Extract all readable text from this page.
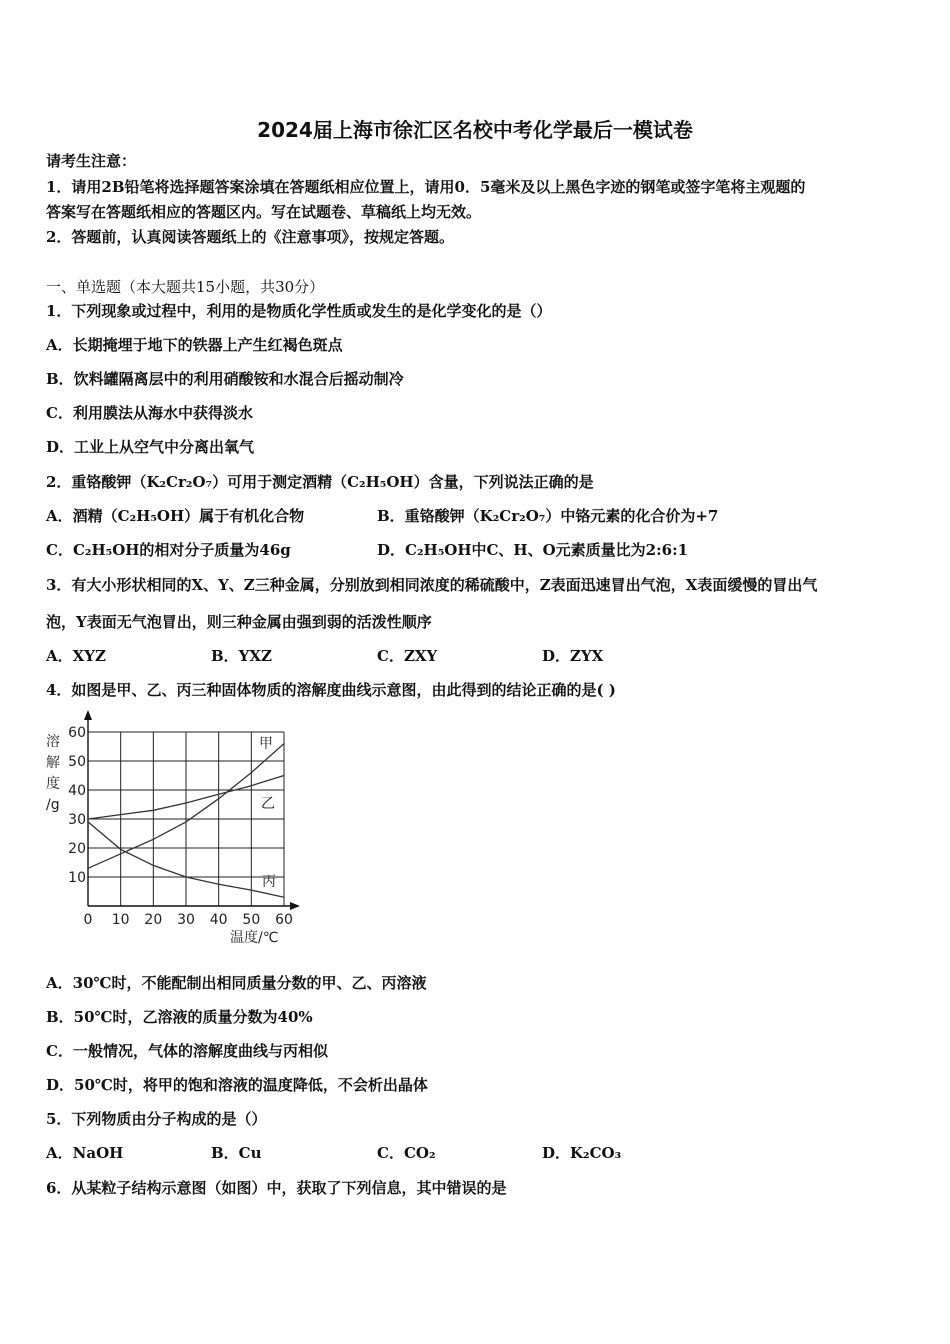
2024届上海市徐汇区名校中考化学最后一模试卷
请考生注意：
1．请用2B铅笔将选择题答案涂填在答题纸相应位置上，请用0．5毫米及以上黑色字迹的钢笔或签字笔将主观题的
答案写在答题纸相应的答题区内。写在试题卷、草稿纸上均无效。
2．答题前，认真阅读答题纸上的《注意事项》，按规定答题。
一、单选题（本大题共15小题，共30分）
1．下列现象或过程中，利用的是物质化学性质或发生的是化学变化的是（）
A．长期掩埋于地下的铁器上产生红褐色斑点
B．饮料罐隔离层中的利用硝酸铵和水混合后摇动制冷
C．利用膜法从海水中获得淡水
D．工业上从空气中分离出氧气
2．重铬酸钾（K₂Cr₂O₇）可用于测定酒精（C₂H₅OH）含量，下列说法正确的是
A．酒精（C₂H₅OH）属于有机化合物	B．重铬酸钾（K₂Cr₂O₇）中铬元素的化合价为+7
C．C₂H₅OH的相对分子质量为46g	D．C₂H₅OH中C、H、O元素质量比为2:6:1
3．有大小形状相同的X、Y、Z三种金属，分别放到相同浓度的稀硫酸中，Z表面迅速冒出气泡，X表面缓慢的冒出气
泡，Y表面无气泡冒出，则三种金属由强到弱的活泼性顺序
A．XYZ	B．YXZ	C．ZXY	D．ZYX
4．如图是甲、乙、丙三种固体物质的溶解度曲线示意图，由此得到的结论正确的是( )
0 10 20 30 40 50 60
10
20
30
40
50
60
甲
乙
丙
溶
解
度
/g
温度/℃
A．30℃时，不能配制出相同质量分数的甲、乙、丙溶液
B．50℃时，乙溶液的质量分数为40%
C．一般情况，气体的溶解度曲线与丙相似
D．50℃时，将甲的饱和溶液的温度降低，不会析出晶体
5．下列物质由分子构成的是（）
A．NaOH	B．Cu	C．CO₂	D．K₂CO₃
6．从某粒子结构示意图（如图）中，获取了下列信息，其中错误的是
